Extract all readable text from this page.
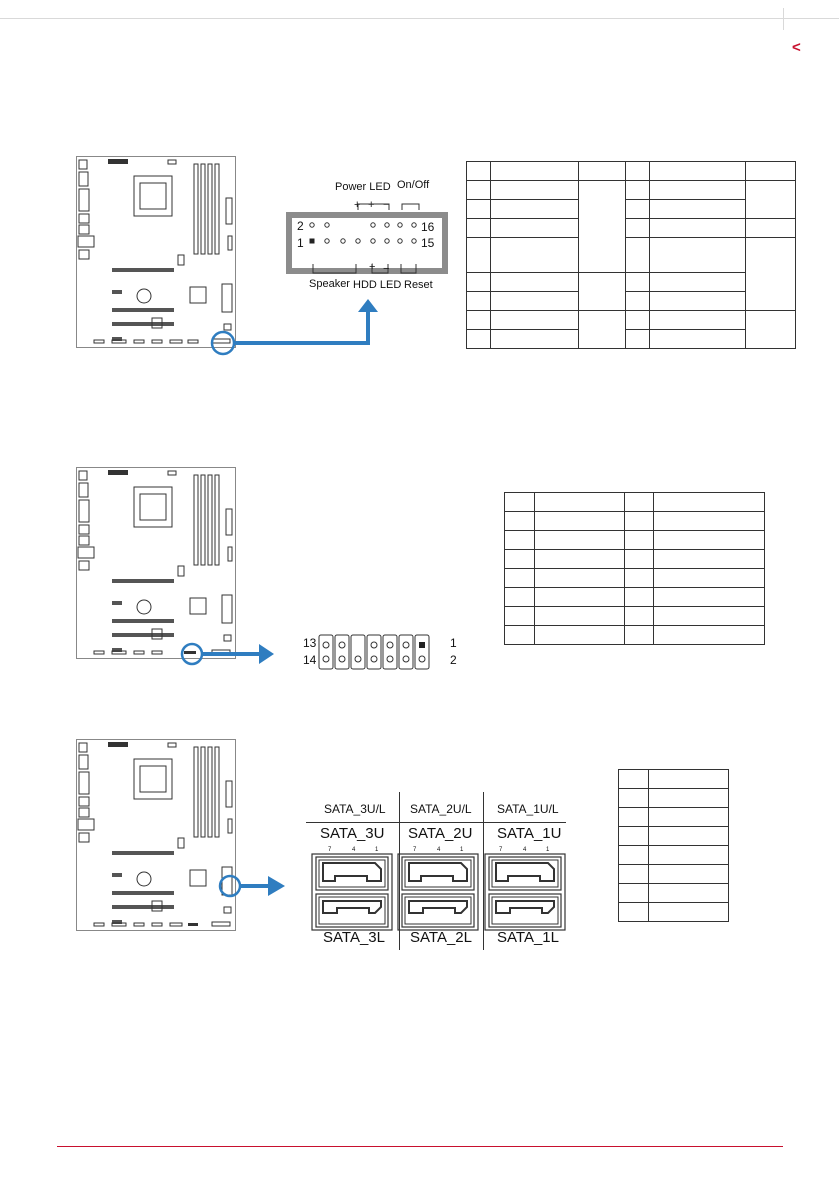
<
2
1
16
15
Power LED On/Off
+ + −
+ −
Speaker HDD LED Reset

13
14
1
2

SATA_3U/L SATA_2U/L SATA_1U/L
SATA_3U SATA_2U SATA_1U
7	4	1	7	4	1	7	4	1
SATA_3L SATA_2L SATA_1L
